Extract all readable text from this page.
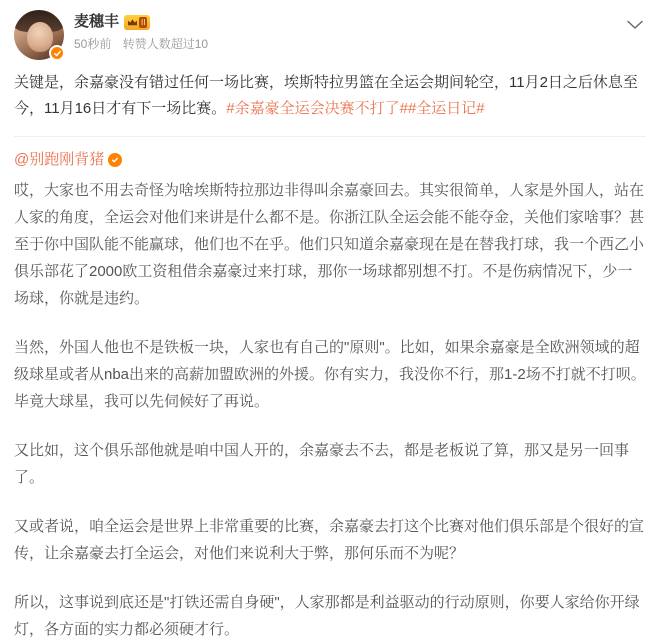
麦穗丰	II
50秒前 转赞人数超过10

关键是，余嘉豪没有错过任何一场比赛，埃斯特拉男篮在全运会期间轮空，11月2日之后休息至今，11月16日才有下一场比赛。#余嘉豪全运会决赛不打了##全运日记#

@别跑刚背猪

哎，大家也不用去奇怪为啥埃斯特拉那边非得叫余嘉豪回去。其实很简单，人家是外国人，站在人家的角度，全运会对他们来讲是什么都不是。你浙江队全运会能不能夺金，关他们家啥事？甚至于你中国队能不能赢球，他们也不在乎。他们只知道余嘉豪现在是在替我打球，我一个西乙小俱乐部花了2000欧工资租借余嘉豪过来打球，那你一场球都别想不打。不是伤病情况下，少一场球，你就是违约。

当然，外国人他也不是铁板一块，人家也有自己的"原则"。比如，如果余嘉豪是全欧洲领域的超级球星或者从nba出来的高薪加盟欧洲的外援。你有实力，我没你不行，那1-2场不打就不打呗。毕竟大球星，我可以先伺候好了再说。

又比如，这个俱乐部他就是咱中国人开的，余嘉豪去不去，都是老板说了算，那又是另一回事了。

又或者说，咱全运会是世界上非常重要的比赛，余嘉豪去打这个比赛对他们俱乐部是个很好的宣传，让余嘉豪去打全运会，对他们来说利大于弊，那何乐而不为呢？

所以，这事说到底还是"打铁还需自身硬"，人家那都是利益驱动的行动原则，你要人家给你开绿灯，各方面的实力都必须硬才行。
